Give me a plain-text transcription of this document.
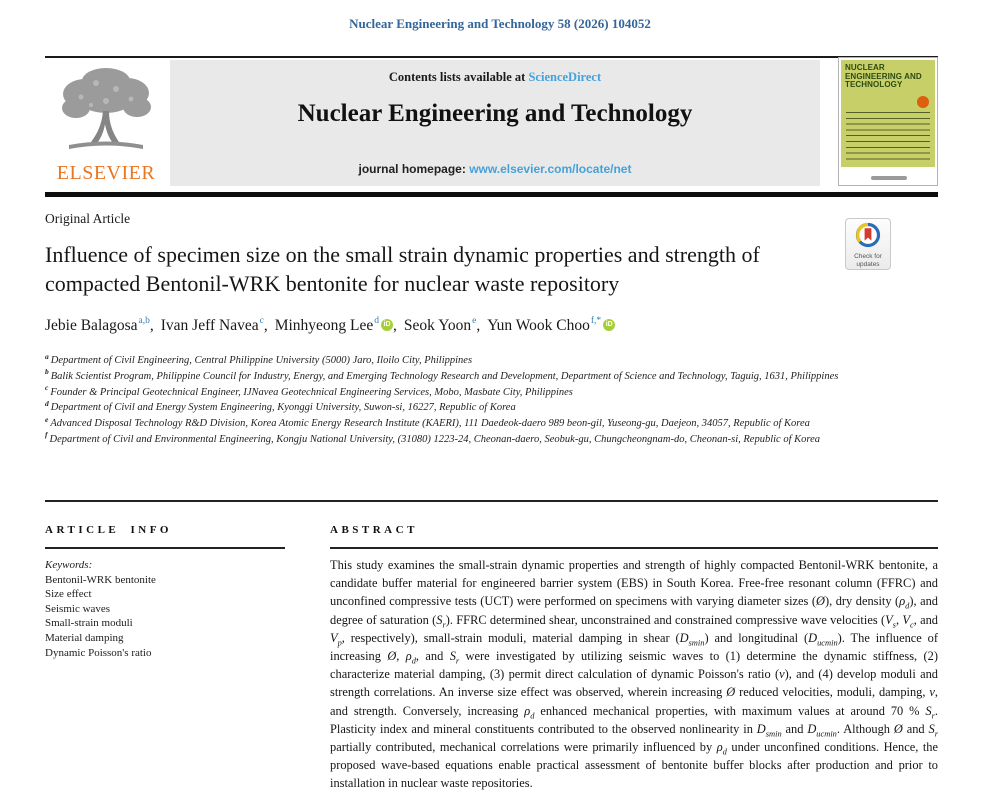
Nuclear Engineering and Technology 58 (2026) 104052
ELSEVIER
Contents lists available at ScienceDirect
Nuclear Engineering and Technology
journal homepage: www.elsevier.com/locate/net
NUCLEAR ENGINEERING AND TECHNOLOGY
Original Article
Check for
updates
Influence of specimen size on the small strain dynamic properties and strength of compacted Bentonil-WRK bentonite for nuclear waste repository
Jebie Balagosa$^{a,b}$, Ivan Jeff Navea$^c$, Minhyeong Lee$^d$ iD , Seok Yoon$^e$, Yun Wook Choo$^{f,*}$ iD
$^a$ Department of Civil Engineering, Central Philippine University (5000) Jaro, Iloilo City, Philippines
$^b$ Balik Scientist Program, Philippine Council for Industry, Energy, and Emerging Technology Research and Development, Department of Science and Technology, Taguig, 1631, Philippines
$^c$ Founder & Principal Geotechnical Engineer, IJNavea Geotechnical Engineering Services, Mobo, Masbate City, Philippines
$^d$ Department of Civil and Energy System Engineering, Kyonggi University, Suwon-si, 16227, Republic of Korea
$^e$ Advanced Disposal Technology R&D Division, Korea Atomic Energy Research Institute (KAERI), 111 Daedeok-daero 989 beon-gil, Yuseong-gu, Daejeon, 34057, Republic of Korea
$^f$ Department of Civil and Environmental Engineering, Kongju National University, (31080) 1223-24, Cheonan-daero, Seobuk-gu, Chungcheongnam-do, Cheonan-si, Republic of Korea
ARTICLE INFO
Keywords:
Bentonil-WRK bentonite
Size effect
Seismic waves
Small-strain moduli
Material damping
Dynamic Poisson's ratio
ABSTRACT
This study examines the small-strain dynamic properties and strength of highly compacted Bentonil-WRK bentonite, a candidate buffer material for engineered barrier system (EBS) in South Korea. Free-free resonant column (FFRC) and unconfined compressive tests (UCT) were performed on specimens with varying diameter sizes (Ø), dry density $(\rho_d)$, and degree of saturation $(S_r)$. FFRC determined shear, unconstrained and constrained compressive wave velocities ($V_s$, $V_c$, and $V_p$, respectively), small-strain moduli, material damping in shear $(D_{smin})$ and longitudinal $(D_{ucmin})$. The influence of increasing Ø, $\rho_d$, and $S_r$ were investigated by utilizing seismic waves to (1) determine the dynamic stiffness, (2) characterize material damping, (3) permit direct calculation of dynamic Poisson's ratio (ν), and (4) develop moduli and strength correlations. An inverse size effect was observed, wherein increasing Ø reduced velocities, moduli, damping, ν, and strength. Conversely, increasing $\rho_d$ enhanced mechanical properties, with maximum values at around 70 % $S_r$. Plasticity index and mineral constituents contributed to the observed nonlinearity in $D_{smin}$ and $D_{ucmin}$. Although Ø and $S_r$ partially contributed, mechanical correlations were primarily influenced by $\rho_d$ under unconfined conditions. Hence, the proposed wave-based equations enable practical assessment of bentonite buffer blocks after production and prior to installation in nuclear waste repositories.
